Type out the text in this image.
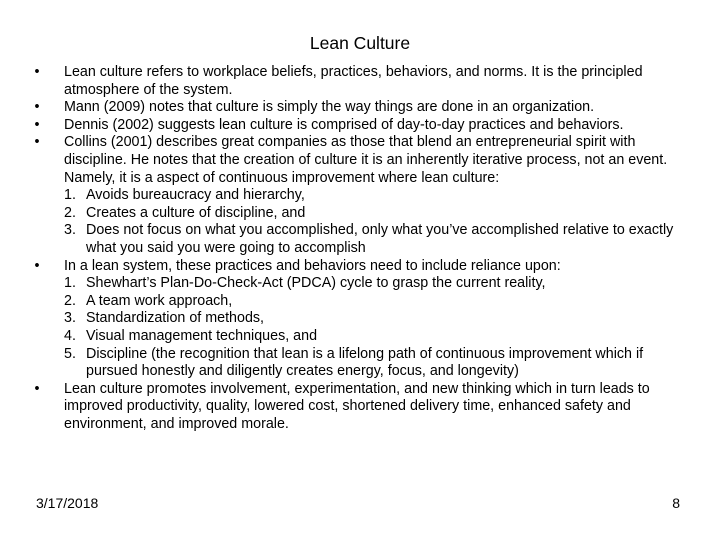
Lean Culture
•	Lean culture refers to workplace beliefs, practices, behaviors, and norms. It is the principled atmosphere of the system.
•	Mann (2009) notes that culture is simply the way things are done in an organization.
•	Dennis (2002) suggests lean culture is comprised of day-to-day practices and behaviors.
•	Collins (2001) describes great companies as those that blend an entrepreneurial spirit with discipline. He notes that the creation of culture it is an inherently iterative process, not an event. Namely, it is a aspect of continuous improvement where lean culture:
1. Avoids bureaucracy and hierarchy,
2. Creates a culture of discipline, and
3. Does not focus on what you accomplished, only what you’ve accomplished relative to exactly what you said you were going to accomplish
•	In a lean system, these practices and behaviors need to include reliance upon:
1. Shewhart’s Plan-Do-Check-Act (PDCA) cycle to grasp the current reality,
2. A team work approach,
3. Standardization of methods,
4. Visual management techniques, and
5. Discipline (the recognition that lean is a lifelong path of continuous improvement which if pursued honestly and diligently creates energy, focus, and longevity)
•	Lean culture promotes involvement, experimentation, and new thinking which in turn leads to improved productivity, quality, lowered cost, shortened delivery time, enhanced safety and environment, and improved morale.
3/17/2018	8
